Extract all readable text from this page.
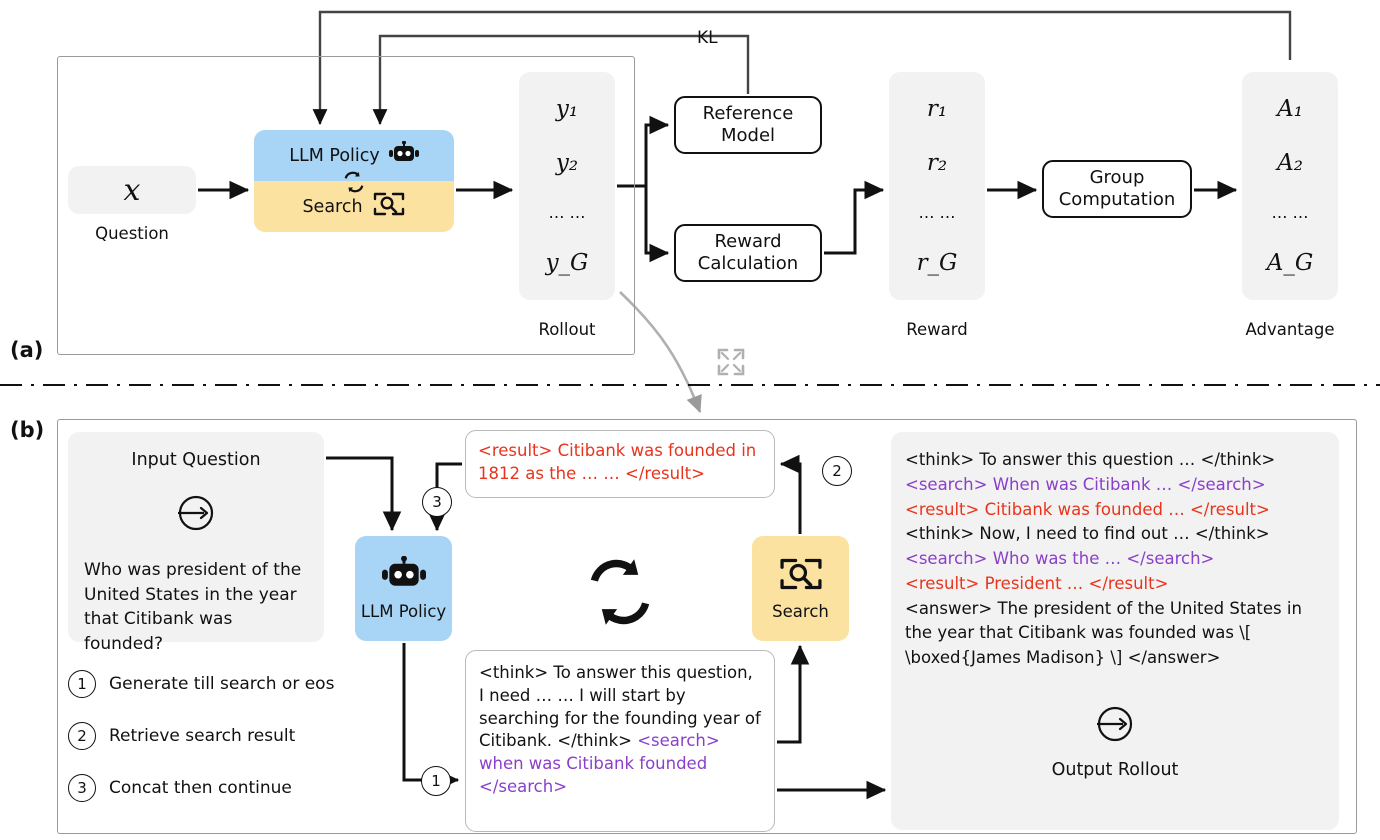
(a)
x
Question
LLM Policy
Search
y₁
y₂
… …
y_G
Rollout
Reference
Model
Reward
Calculation
KL
r₁
r₂
… …
r_G
Reward
Group
Computation
A₁
A₂
… …
A_G
Advantage
(b)
Input Question
Who was president of the United States in the year that Citibank was founded?
LLM Policy	Search
<result> Citibank was founded in 1812 as the … … </result>
<think> To answer this question, I need … … I will start by searching for the founding year of Citibank. </think> <search> when was Citibank founded </search>
<think> To answer this question … </think>
<search> When was Citibank … </search>
<result> Citibank was founded … </result>
<think> Now, I need to find out … </think>
<search> Who was the … </search>
<result> President … </result>
<answer> The president of the United States in the year that Citibank was founded was \[ \boxed{James Madison} \] </answer>
Output Rollout
1
2
3
1	Generate till search or eos
2	Retrieve search result
3	Concat then continue
